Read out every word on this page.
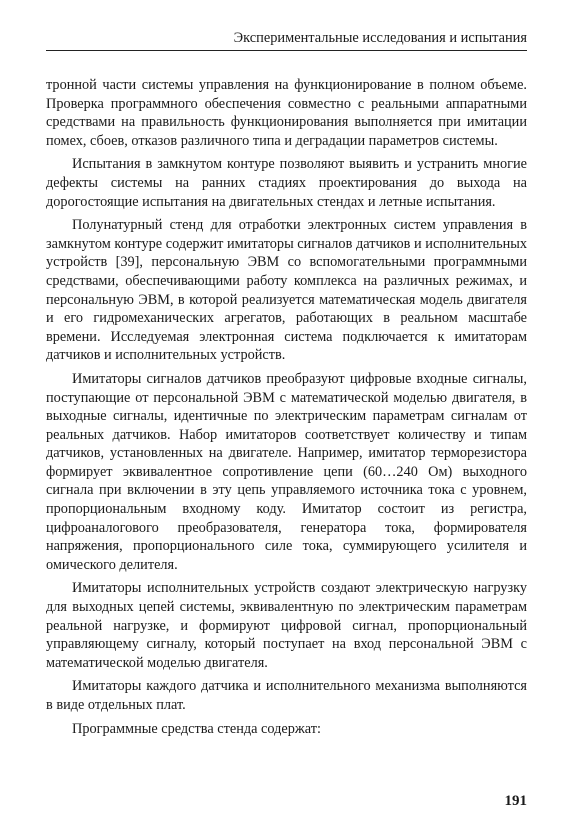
Экспериментальные исследования и испытания

тронной части системы управления на функционирование в полном объеме. Проверка программного обеспечения совместно с реальными аппаратными средствами на правильность функционирования выполняется при имитации помех, сбоев, отказов различного типа и деградации параметров системы.

Испытания в замкнутом контуре позволяют выявить и устранить многие дефекты системы на ранних стадиях проектирования до выхода на дорогостоящие испытания на двигательных стендах и летные испытания.

Полунатурный стенд для отработки электронных систем управления в замкнутом контуре содержит имитаторы сигналов датчиков и исполнительных устройств [39], персональную ЭВМ со вспомогательными программными средствами, обеспечивающими работу комплекса на различных режимах, и персональную ЭВМ, в которой реализуется математическая модель двигателя и его гидромеханических агрегатов, работающих в реальном масштабе времени. Исследуемая электронная система подключается к имитаторам датчиков и исполнительных устройств.

Имитаторы сигналов датчиков преобразуют цифровые входные сигналы, поступающие от персональной ЭВМ с математической моделью двигателя, в выходные сигналы, идентичные по электрическим параметрам сигналам от реальных датчиков. Набор имитаторов соответствует количеству и типам датчиков, установленных на двигателе. Например, имитатор терморезистора формирует эквивалентное сопротивление цепи (60…240 Ом) выходного сигнала при включении в эту цепь управляемого источника тока с уровнем, пропорциональным входному коду. Имитатор состоит из регистра, цифроаналогового преобразователя, генератора тока, формирователя напряжения, пропорционального силе тока, суммирующего усилителя и омического делителя.

Имитаторы исполнительных устройств создают электрическую нагрузку для выходных цепей системы, эквивалентную по электрическим параметрам реальной нагрузке, и формируют цифровой сигнал, пропорциональный управляющему сигналу, который поступает на вход персональной ЭВМ с математической моделью двигателя.

Имитаторы каждого датчика и исполнительного механизма выполняются в виде отдельных плат.

Программные средства стенда содержат:

191
